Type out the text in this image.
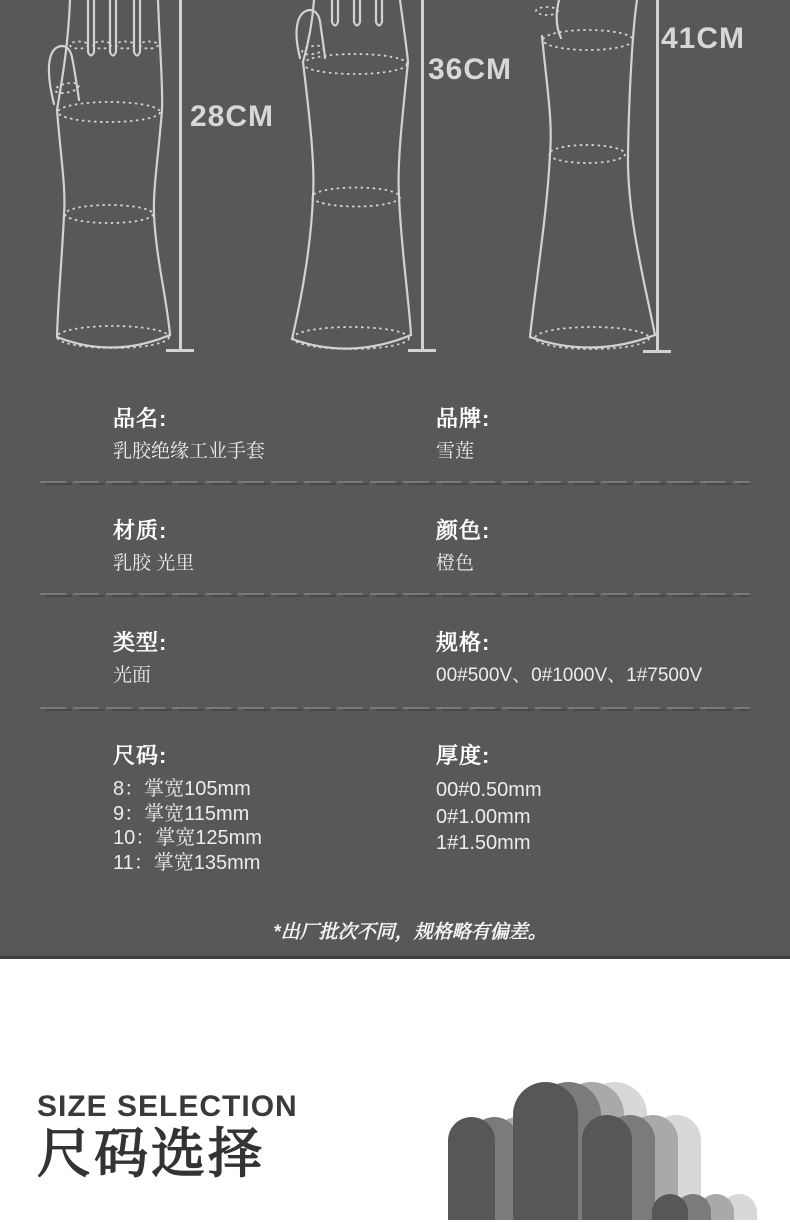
28CM
36CM
41CM
品名:
乳胶绝缘工业手套
品牌:
雪莲
材质:
乳胶 光里
颜色:
橙色
类型:
光面
规格:
00#500V、0#1000V、1#7500V
尺码:
8：掌宽105mm
9：掌宽115mm
10：掌宽125mm
11：掌宽135mm
厚度:
00#0.50mm
0#1.00mm
1#1.50mm
*出厂批次不同，规格略有偏差。
SIZE SELECTION
尺码选择
